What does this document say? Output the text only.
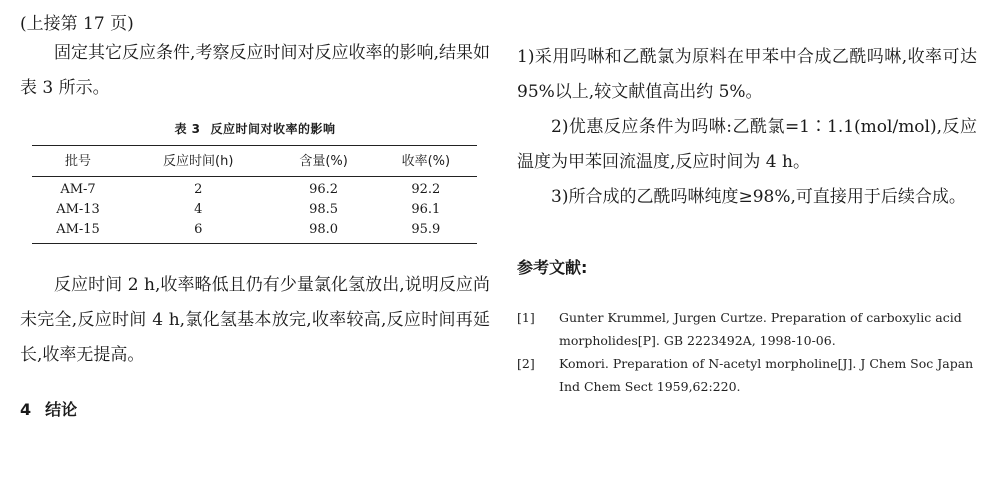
(上接第 17 页)

固定其它反应条件,考察反应时间对反应收率的影响,结果如表 3 所示。

表 3 反应时间对收率的影响

批号	反应时间(h)	含量(%)	收率(%)
AM-7	2	96.2	92.2
AM-13	4	98.5	96.1
AM-15	6	98.0	95.9

反应时间 2 h,收率略低且仍有少量氯化氢放出,说明反应尚未完全,反应时间 4 h,氯化氢基本放完,收率较高,反应时间再延长,收率无提高。

4 结论

1)采用吗啉和乙酰氯为原料在甲苯中合成乙酰吗啉,收率可达 95%以上,较文献值高出约 5%。

2)优惠反应条件为吗啉:乙酰氯=1∶1.1(mol/mol),反应温度为甲苯回流温度,反应时间为 4 h。

3)所合成的乙酰吗啉纯度≥98%,可直接用于后续合成。

参考文献:

[1] Gunter Krummel, Jurgen Curtze. Preparation of carboxylic acid morpholides[P]. GB 2223492A, 1998-10-06.

[2] Komori. Preparation of N-acetyl morpholine[J]. J Chem Soc Japan Ind Chem Sect 1959,62:220.
